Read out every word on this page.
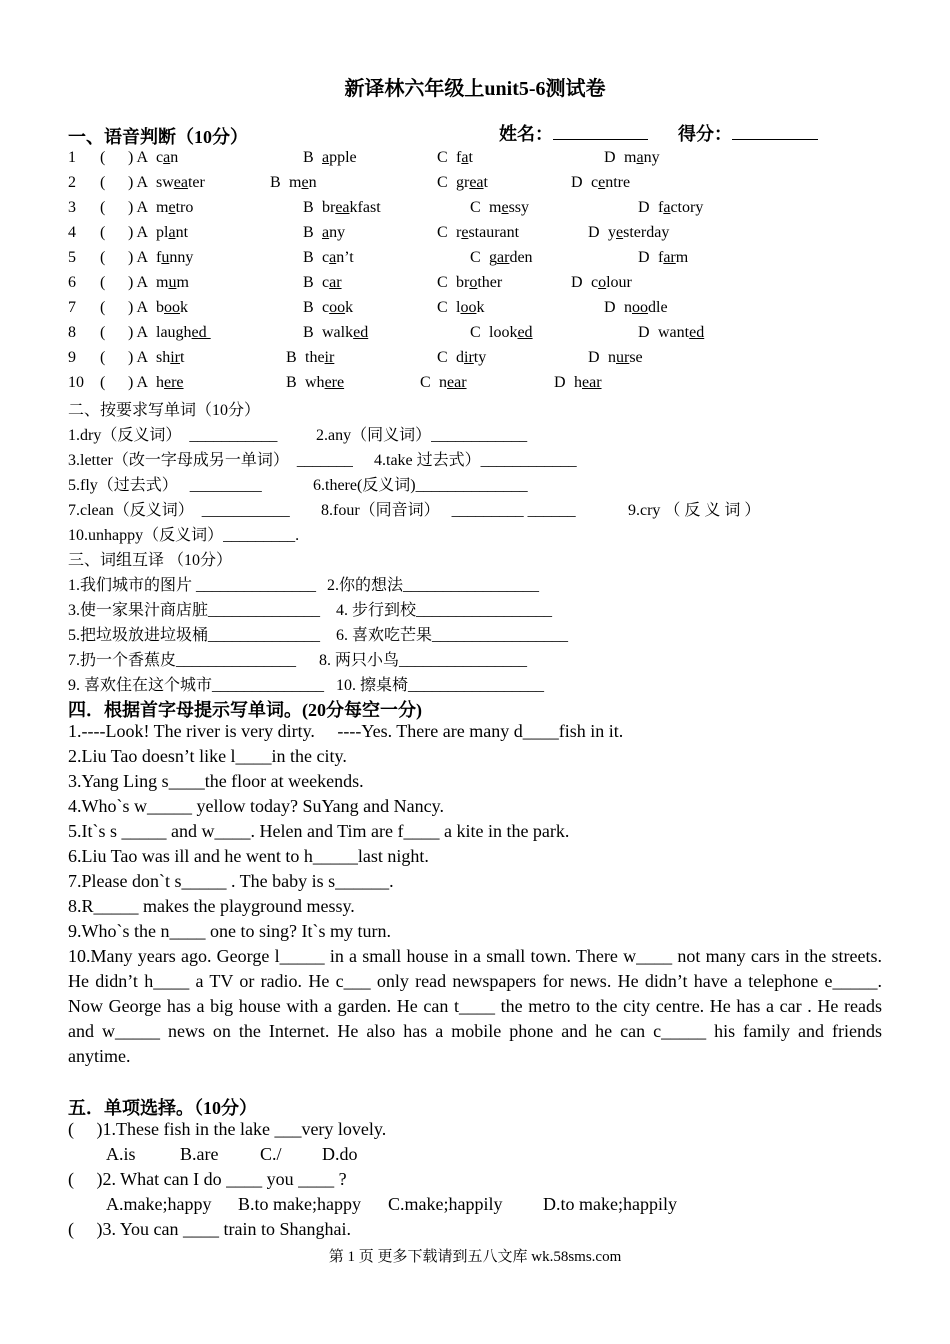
新译林六年级上unit5-6测试卷

姓名：	得分：

一、语音判断（10分）
1 ( ) A can	B apple	C fat	D many
2 ( ) A sweater	B men	C great	D centre
3 ( ) A metro	B breakfast	C messy	D factory
4 ( ) A plant	B any	C restaurant	D yesterday
5 ( ) A funny	B can’t	C garden	D farm
6 ( ) A mum	B car	C brother	D colour
7 ( ) A book	B cook	C look	D noodle
8 ( ) A laughed	B walked	C looked	D wanted
9 ( ) A shirt	B their	C dirty	D nurse
10 ( ) A here	B where	C near	D hear
二、按要求写单词（10分）
1.dry（反义词）  ___________ 2.any（同义词）____________
3.letter（改一字母成另一单词）  _______ 4.take 过去式）____________
5.fly（过去式）   _________	6.there(反义词)______________
7.clean（反义词）  ___________ 8.four（同音词）   _________ ______	9.cry （ 反 义 词 ）
10.unhappy（反义词）_________.
三、词组互译 （10分）
1.我们城市的图片 _______________ 2.你的想法_________________
3.使一家果汁商店脏______________ 4. 步行到校_________________
5.把垃圾放进垃圾桶______________ 6. 喜欢吃芒果_________________
7.扔一个香蕉皮_______________ 8. 两只小鸟________________
9. 喜欢住在这个城市______________ 10. 擦桌椅_________________
四．根据首字母提示写单词。(20分每空一分)
1.----Look! The river is very dirty.     ----Yes. There are many d____fish in it.
2.Liu Tao doesn’t like l____in the city.
3.Yang Ling s____the floor at weekends.
4.Who`s w_____ yellow today? SuYang and Nancy.
5.It`s s _____ and w____. Helen and Tim are f____ a kite in the park.
6.Liu Tao was ill and he went to h_____last night.
7.Please don`t s_____ . The baby is s______.
8.R_____ makes the playground messy.
9.Who`s the n____ one to sing? It`s my turn.
10.Many years ago. George l_____ in a small house in a small town. There w____ not many cars in the streets. He didn’t h____ a TV or radio. He c___ only read newspapers for news. He didn’t have a telephone e_____. Now George has a big house with a garden. He can t____ the metro to the city centre. He has a car . He reads and w_____ news on the Internet. He also has a mobile phone and he can c_____ his family and friends anytime.
五．单项选择。（10分）
(     )1.These fish in the lake ___very lovely.
A.is B.are C./ D.do
(     )2. What can I do ____ you ____ ?
A.make;happy B.to make;happy C.make;happily D.to make;happily
(     )3. You can ____ train to Shanghai.
第 1 页 更多下载请到五八文库 wk.58sms.com
